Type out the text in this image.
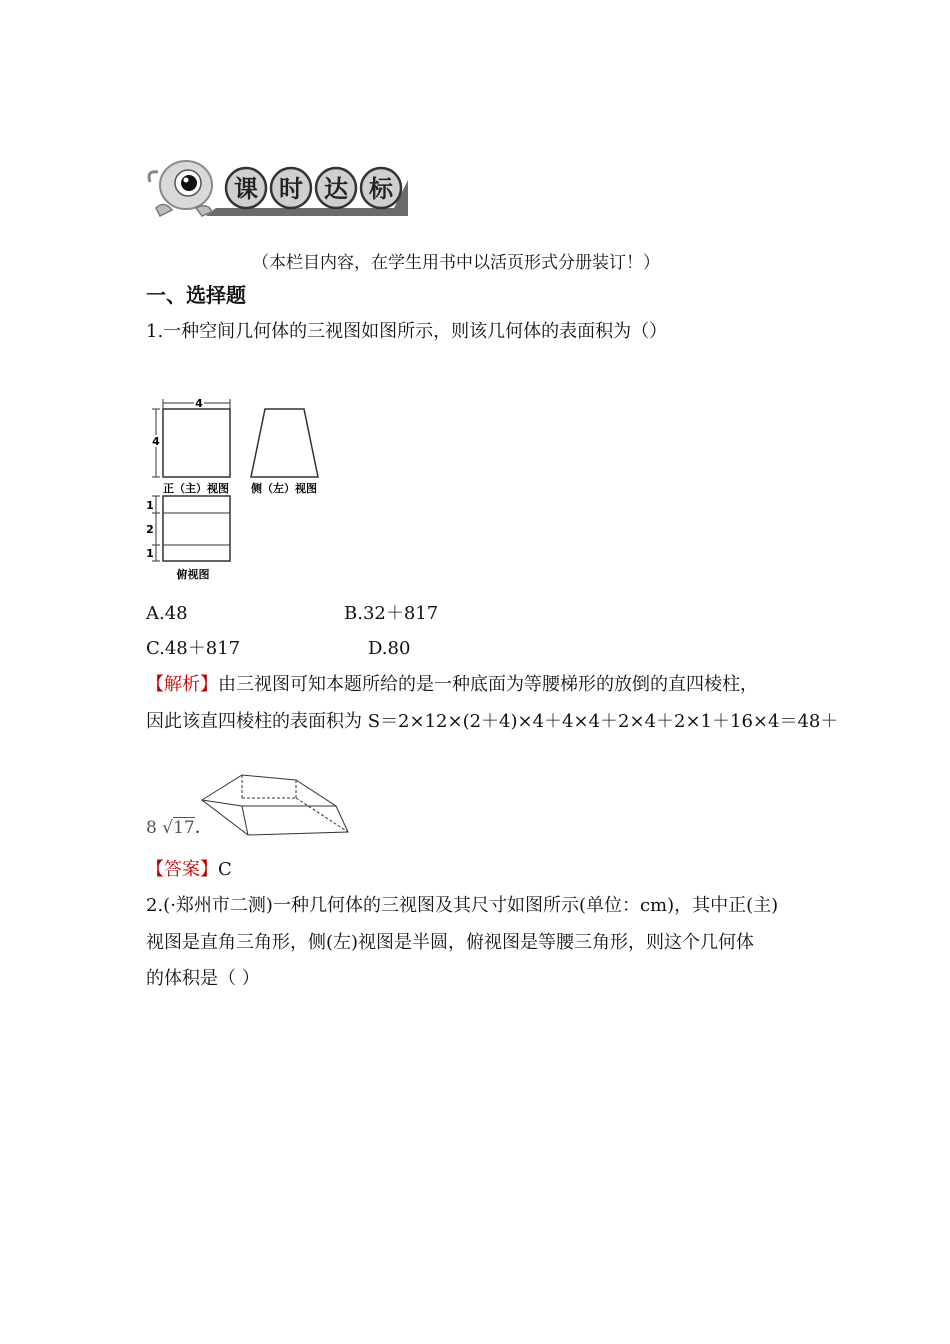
课 时 达 标
（本栏目内容，在学生用书中以活页形式分册装订！）
一、选择题
1.一种空间几何体的三视图如图所示，则该几何体的表面积为（）
4
4
正（主）视图 侧（左）视图
1
2
1
俯视图
A.48	B.32＋817
C.48＋817	D.80
【解析】由三视图可知本题所给的是一种底面为等腰梯形的放倒的直四棱柱，
因此该直四棱柱的表面积为 S＝2×12×(2＋4)×4＋4×4＋2×4＋2×1＋16×4＝48＋
8 √17.
【答案】C
2.(·郑州市二测)一种几何体的三视图及其尺寸如图所示(单位：cm)，其中正(主)
视图是直角三角形，侧(左)视图是半圆，俯视图是等腰三角形，则这个几何体
的体积是（ ）
